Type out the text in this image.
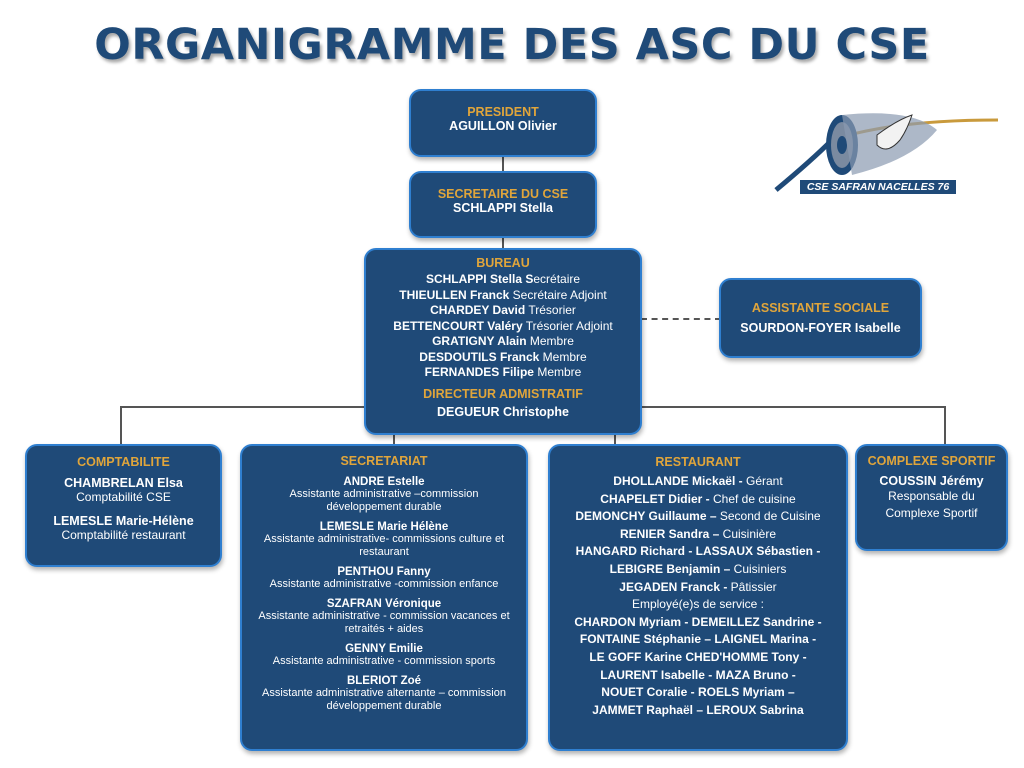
ORGANIGRAMME DES ASC DU CSE
CSE SAFRAN NACELLES 76
PRESIDENT
AGUILLON Olivier
SECRETAIRE DU CSE
SCHLAPPI Stella
BUREAU
SCHLAPPI Stella Secrétaire
THIEULLEN Franck Secrétaire Adjoint
CHARDEY David Trésorier
BETTENCOURT Valéry Trésorier Adjoint
GRATIGNY Alain Membre
DESDOUTILS Franck Membre
FERNANDES Filipe Membre
DIRECTEUR ADMISTRATIF
DEGUEUR Christophe
ASSISTANTE SOCIALE
SOURDON-FOYER Isabelle
COMPTABILITE
CHAMBRELAN Elsa
Comptabilité CSE
LEMESLE Marie-Hélène
Comptabilité restaurant
SECRETARIAT
ANDRE Estelle
Assistante administrative –commission développement durable
LEMESLE Marie Hélène
Assistante administrative- commissions culture et restaurant
PENTHOU Fanny
Assistante administrative -commission enfance
SZAFRAN Véronique
Assistante administrative - commission vacances et retraités + aides
GENNY Emilie
Assistante administrative - commission sports
BLERIOT Zoé
Assistante administrative alternante – commission développement durable
RESTAURANT
DHOLLANDE Mickaël - Gérant
CHAPELET Didier - Chef de cuisine
DEMONCHY Guillaume – Second de Cuisine
RENIER Sandra – Cuisinière
HANGARD Richard - LASSAUX Sébastien -
LEBIGRE Benjamin – Cuisiniers
JEGADEN Franck - Pâtissier
Employé(e)s de service :
CHARDON Myriam - DEMEILLEZ Sandrine -
FONTAINE Stéphanie – LAIGNEL Marina -
LE GOFF Karine CHED'HOMME Tony -
LAURENT Isabelle - MAZA Bruno -
NOUET Coralie - ROELS Myriam –
JAMMET Raphaël – LEROUX Sabrina
COMPLEXE SPORTIF
COUSSIN Jérémy
Responsable du Complexe Sportif
